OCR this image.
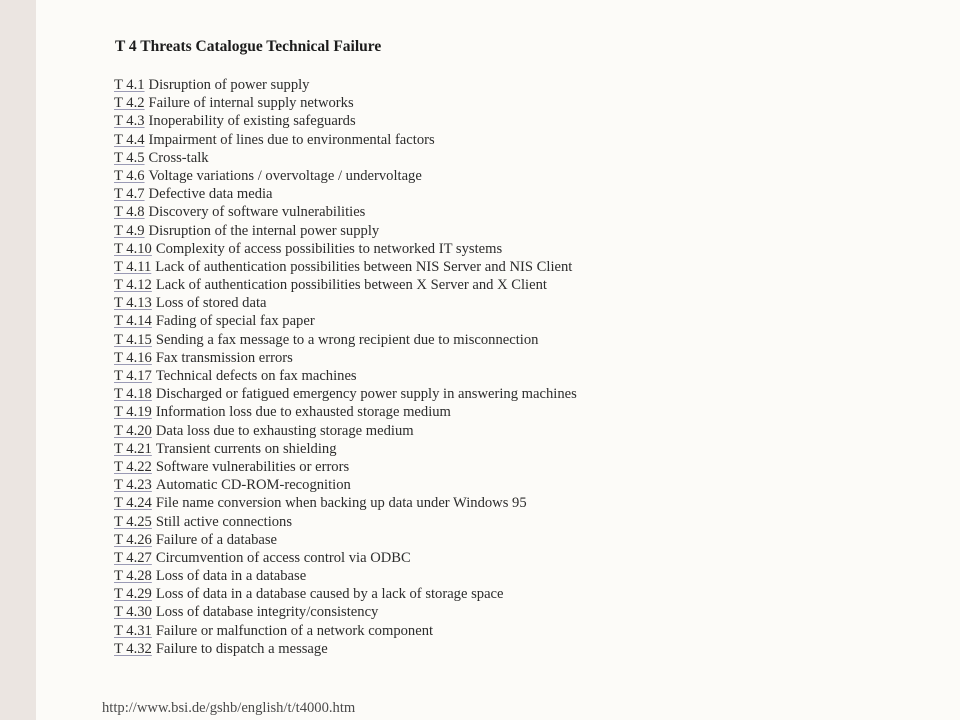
T 4 Threats Catalogue Technical Failure
T 4.1 Disruption of power supply
T 4.2 Failure of internal supply networks
T 4.3 Inoperability of existing safeguards
T 4.4 Impairment of lines due to environmental factors
T 4.5 Cross-talk
T 4.6 Voltage variations / overvoltage / undervoltage
T 4.7 Defective data media
T 4.8 Discovery of software vulnerabilities
T 4.9 Disruption of the internal power supply
T 4.10 Complexity of access possibilities to networked IT systems
T 4.11 Lack of authentication possibilities between NIS Server and NIS Client
T 4.12 Lack of authentication possibilities between X Server and X Client
T 4.13 Loss of stored data
T 4.14 Fading of special fax paper
T 4.15 Sending a fax message to a wrong recipient due to misconnection
T 4.16 Fax transmission errors
T 4.17 Technical defects on fax machines
T 4.18 Discharged or fatigued emergency power supply in answering machines
T 4.19 Information loss due to exhausted storage medium
T 4.20 Data loss due to exhausting storage medium
T 4.21 Transient currents on shielding
T 4.22 Software vulnerabilities or errors
T 4.23 Automatic CD-ROM-recognition
T 4.24 File name conversion when backing up data under Windows 95
T 4.25 Still active connections
T 4.26 Failure of a database
T 4.27 Circumvention of access control via ODBC
T 4.28 Loss of data in a database
T 4.29 Loss of data in a database caused by a lack of storage space
T 4.30 Loss of database integrity/consistency
T 4.31 Failure or malfunction of a network component
T 4.32 Failure to dispatch a message
http://www.bsi.de/gshb/english/t/t4000.htm
